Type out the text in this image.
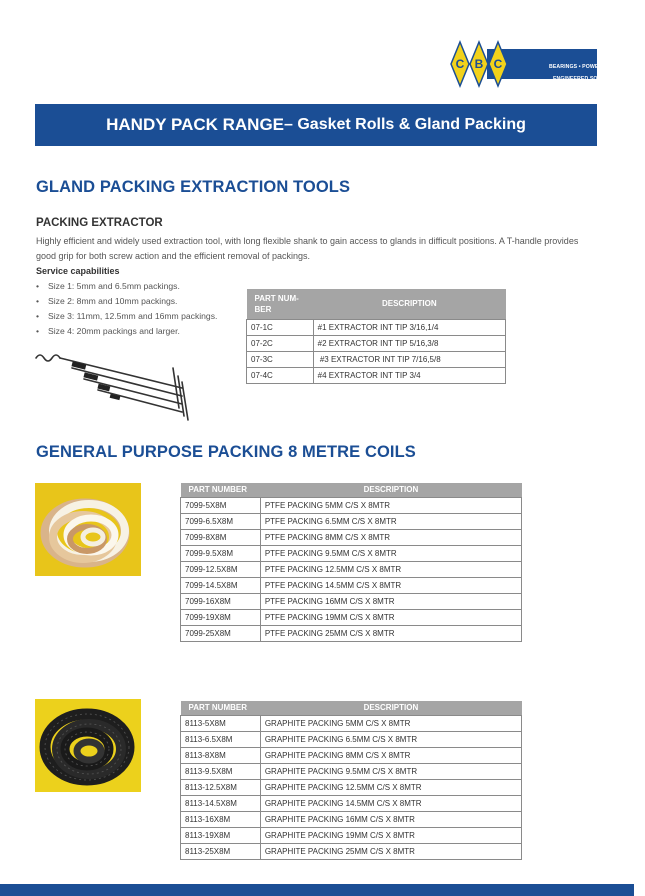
BEARINGS • POWER TRANSMISSION
ENGINEERED SOLUTIONS
C B C
HANDY PACK RANGE – Gasket Rolls & Gland Packing
GLAND PACKING EXTRACTION TOOLS
PACKING EXTRACTOR
Highly efficient and widely used extraction tool, with long flexible shank to gain access to glands in difficult positions. A T-handle provides good grip for both screw action and the efficient removal of packings.
Service capabilities
• Size 1: 5mm and 6.5mm packings.
• Size 2: 8mm and 10mm packings.
• Size 3: 11mm, 12.5mm and 16mm packings.
• Size 4: 20mm packings and larger.
PART NUM-BER	DESCRIPTION
07-1C	#1 EXTRACTOR INT TIP 3/16,1/4
07-2C	#2 EXTRACTOR INT TIP 5/16,3/8
07-3C	#3 EXTRACTOR INT TIP 7/16,5/8
07-4C	#4 EXTRACTOR INT TIP 3/4
GENERAL PURPOSE PACKING 8 METRE COILS
PART NUMBER	DESCRIPTION
7099-5X8M	PTFE PACKING 5MM C/S X 8MTR
7099-6.5X8M	PTFE PACKING 6.5MM C/S X 8MTR
7099-8X8M	PTFE PACKING 8MM C/S X 8MTR
7099-9.5X8M	PTFE PACKING 9.5MM C/S X 8MTR
7099-12.5X8M	PTFE PACKING 12.5MM C/S X 8MTR
7099-14.5X8M	PTFE PACKING 14.5MM C/S X 8MTR
7099-16X8M	PTFE PACKING 16MM C/S X 8MTR
7099-19X8M	PTFE PACKING 19MM C/S X 8MTR
7099-25X8M	PTFE PACKING 25MM C/S X 8MTR
PART NUMBER	DESCRIPTION
8113-5X8M	GRAPHITE PACKING 5MM C/S X 8MTR
8113-6.5X8M	GRAPHITE PACKING 6.5MM C/S X 8MTR
8113-8X8M	GRAPHITE PACKING 8MM C/S X 8MTR
8113-9.5X8M	GRAPHITE PACKING 9.5MM C/S X 8MTR
8113-12.5X8M	GRAPHITE PACKING 12.5MM C/S X 8MTR
8113-14.5X8M	GRAPHITE PACKING 14.5MM C/S X 8MTR
8113-16X8M	GRAPHITE PACKING 16MM C/S X 8MTR
8113-19X8M	GRAPHITE PACKING 19MM C/S X 8MTR
8113-25X8M	GRAPHITE PACKING 25MM C/S X 8MTR
